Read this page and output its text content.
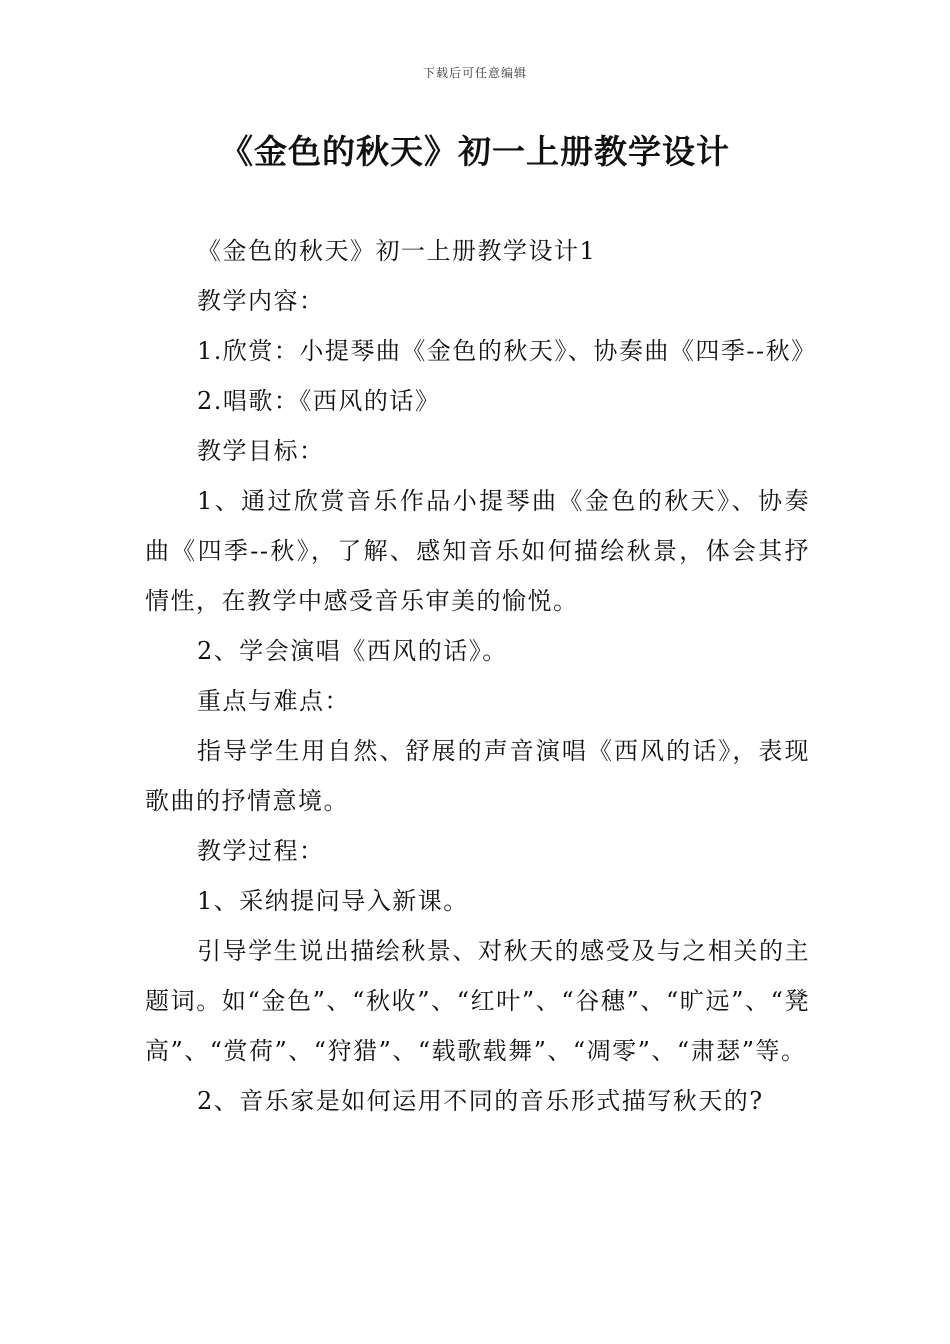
下载后可任意编辑
《金色的秋天》初一上册教学设计

《金色的秋天》初一上册教学设计1

教学内容：

1.欣赏：小提琴曲《金色的秋天》、协奏曲《四季--秋》

2.唱歌：《西风的话》

教学目标：

1、通过欣赏音乐作品小提琴曲《金色的秋天》、协奏曲《四季--秋》，了解、感知音乐如何描绘秋景，体会其抒情性，在教学中感受音乐审美的愉悦。

2、学会演唱《西风的话》。

重点与难点：

指导学生用自然、舒展的声音演唱《西风的话》，表现歌曲的抒情意境。

教学过程：

1、采纳提问导入新课。

引导学生说出描绘秋景、对秋天的感受及与之相关的主题词。如“金色”、“秋收”、“红叶”、“谷穗”、“旷远”、“凳高”、“赏荷”、“狩猎”、“载歌载舞”、“凋零”、“肃瑟”等。

2、音乐家是如何运用不同的音乐形式描写秋天的?
